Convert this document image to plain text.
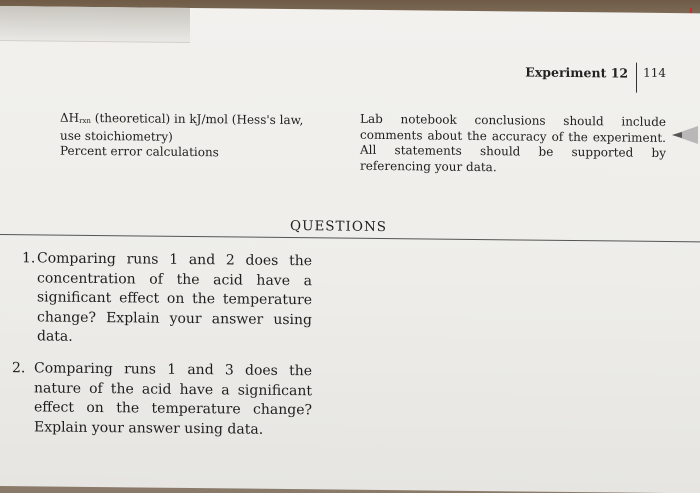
Experiment 12	114
ΔHrxn (theoretical) in kJ/mol (Hess's law,
use stoichiometry)
Percent error calculations
Lab notebook conclusions should include comments about the accuracy of the experiment. All statements should be supported by referencing your data.
QUESTIONS
1. Comparing runs 1 and 2 does the concentration of the acid have a significant effect on the temperature change? Explain your answer using data.
2. Comparing runs 1 and 3 does the nature of the acid have a significant effect on the temperature change? Explain your answer using data.
